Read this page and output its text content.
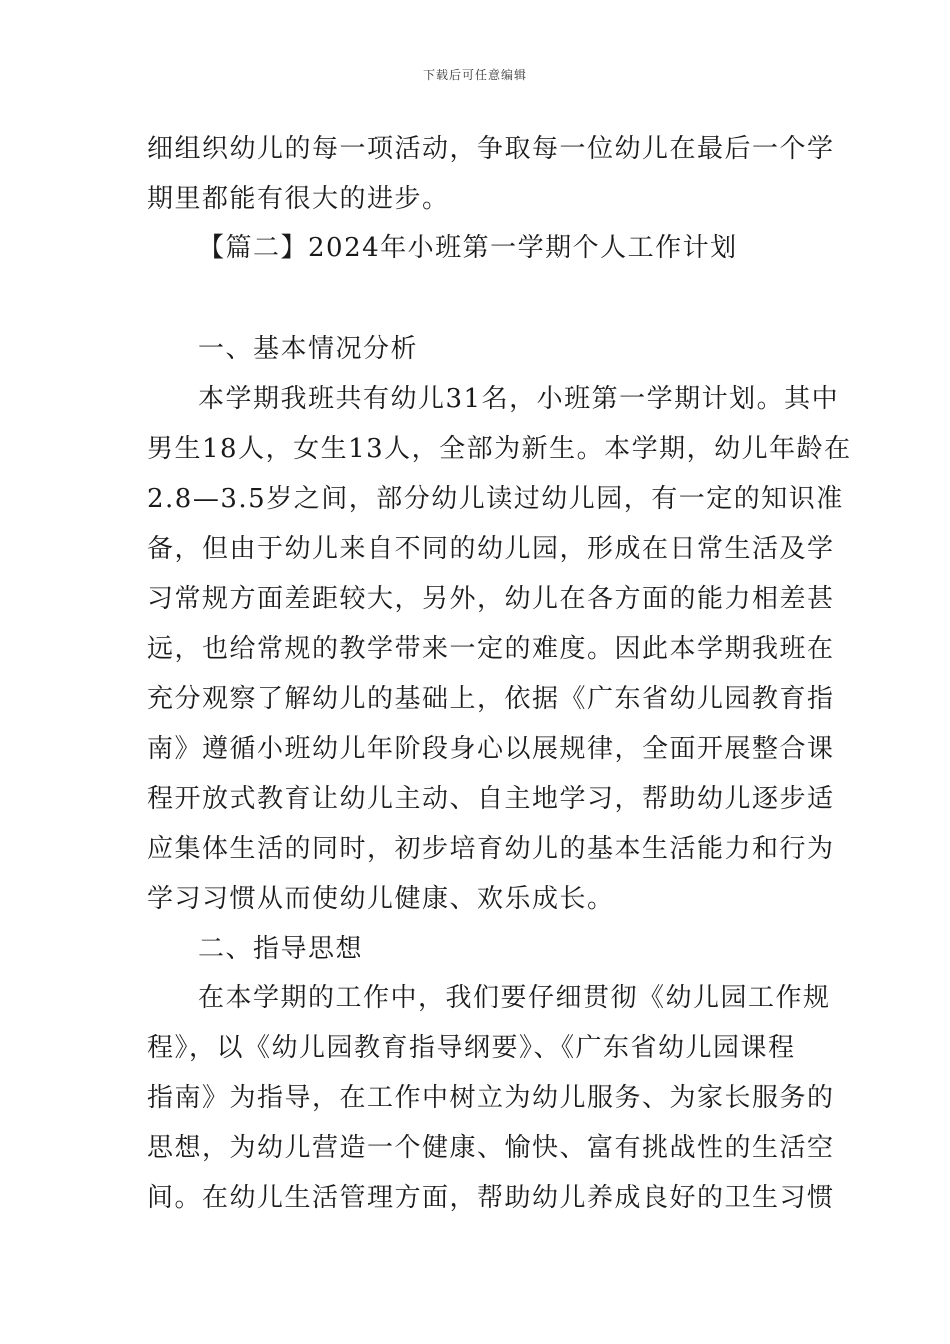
下载后可任意编辑
细组织幼儿的每一项活动，争取每一位幼儿在最后一个学
期里都能有很大的进步。
【篇二】2024年小班第一学期个人工作计划
一、基本情况分析
本学期我班共有幼儿31名，小班第一学期计划。其中
男生18人，女生13人，全部为新生。本学期，幼儿年龄在
2.8—3.5岁之间，部分幼儿读过幼儿园，有一定的知识准
备，但由于幼儿来自不同的幼儿园，形成在日常生活及学
习常规方面差距较大，另外，幼儿在各方面的能力相差甚
远，也给常规的教学带来一定的难度。因此本学期我班在
充分观察了解幼儿的基础上，依据《广东省幼儿园教育指
南》遵循小班幼儿年阶段身心以展规律，全面开展整合课
程开放式教育让幼儿主动、自主地学习，帮助幼儿逐步适
应集体生活的同时，初步培育幼儿的基本生活能力和行为
学习习惯从而使幼儿健康、欢乐成长。
二、指导思想
在本学期的工作中，我们要仔细贯彻《幼儿园工作规
程》，以《幼儿园教育指导纲要》、《广东省幼儿园课程
指南》为指导，在工作中树立为幼儿服务、为家长服务的
思想，为幼儿营造一个健康、愉快、富有挑战性的生活空
间。在幼儿生活管理方面，帮助幼儿养成良好的卫生习惯
